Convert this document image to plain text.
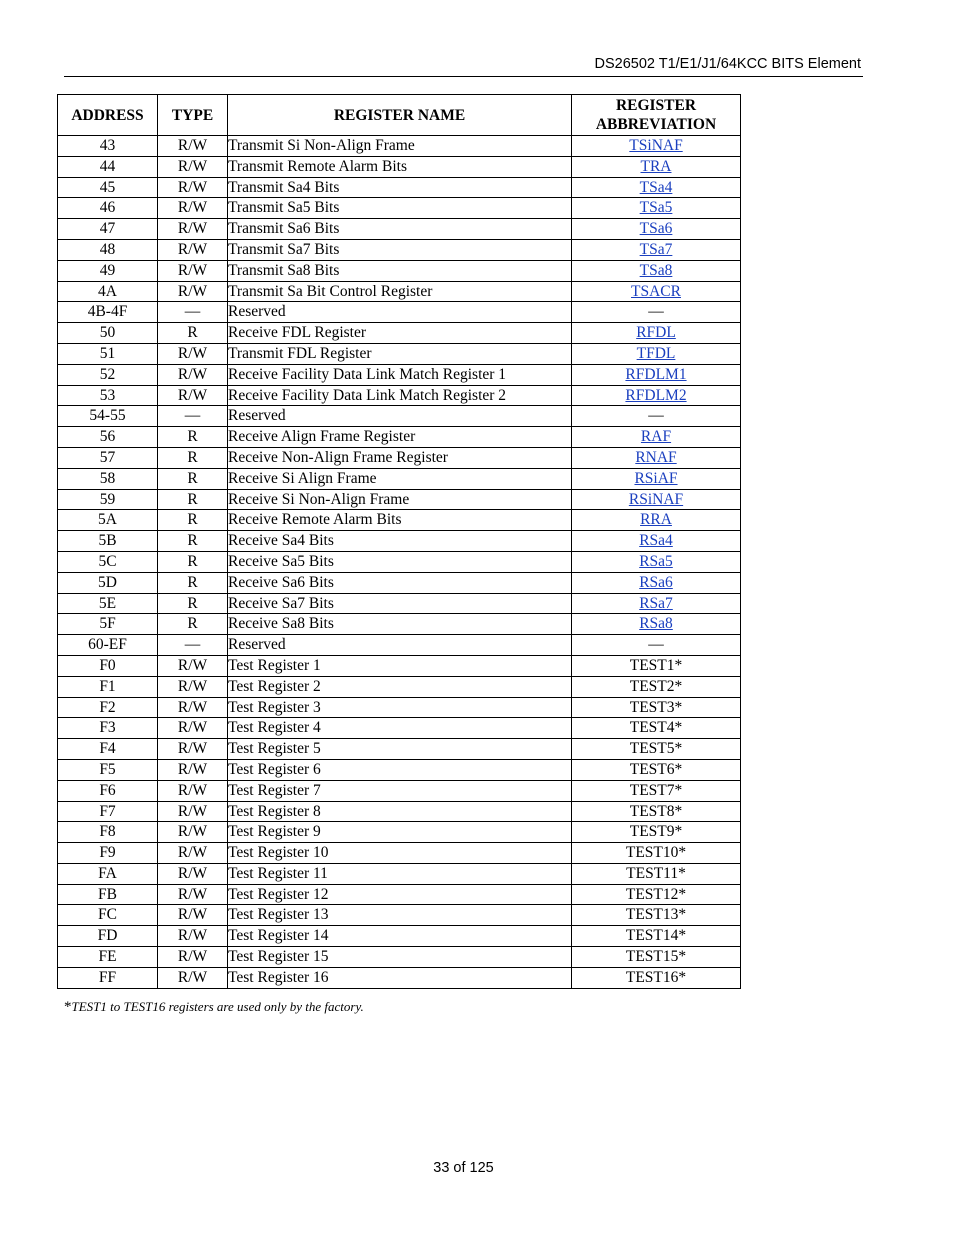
DS26502 T1/E1/J1/64KCC BITS Element
ADDRESS	TYPE	REGISTER NAME	REGISTER
ABBREVIATION
43	R/W	Transmit Si Non-Align Frame	TSiNAF
44	R/W	Transmit Remote Alarm Bits	TRA
45	R/W	Transmit Sa4 Bits	TSa4
46	R/W	Transmit Sa5 Bits	TSa5
47	R/W	Transmit Sa6 Bits	TSa6
48	R/W	Transmit Sa7 Bits	TSa7
49	R/W	Transmit Sa8 Bits	TSa8
4A	R/W	Transmit Sa Bit Control Register	TSACR
4B-4F	—	Reserved	—
50	R	Receive FDL Register	RFDL
51	R/W	Transmit FDL Register	TFDL
52	R/W	Receive Facility Data Link Match Register 1	RFDLM1
53	R/W	Receive Facility Data Link Match Register 2	RFDLM2
54-55	—	Reserved	—
56	R	Receive Align Frame Register	RAF
57	R	Receive Non-Align Frame Register	RNAF
58	R	Receive Si Align Frame	RSiAF
59	R	Receive Si Non-Align Frame	RSiNAF
5A	R	Receive Remote Alarm Bits	RRA
5B	R	Receive Sa4 Bits	RSa4
5C	R	Receive Sa5 Bits	RSa5
5D	R	Receive Sa6 Bits	RSa6
5E	R	Receive Sa7 Bits	RSa7
5F	R	Receive Sa8 Bits	RSa8
60-EF	—	Reserved	—
F0	R/W	Test Register 1	TEST1*
F1	R/W	Test Register 2	TEST2*
F2	R/W	Test Register 3	TEST3*
F3	R/W	Test Register 4	TEST4*
F4	R/W	Test Register 5	TEST5*
F5	R/W	Test Register 6	TEST6*
F6	R/W	Test Register 7	TEST7*
F7	R/W	Test Register 8	TEST8*
F8	R/W	Test Register 9	TEST9*
F9	R/W	Test Register 10	TEST10*
FA	R/W	Test Register 11	TEST11*
FB	R/W	Test Register 12	TEST12*
FC	R/W	Test Register 13	TEST13*
FD	R/W	Test Register 14	TEST14*
FE	R/W	Test Register 15	TEST15*
FF	R/W	Test Register 16	TEST16*
*TEST1 to TEST16 registers are used only by the factory.
33 of 125
